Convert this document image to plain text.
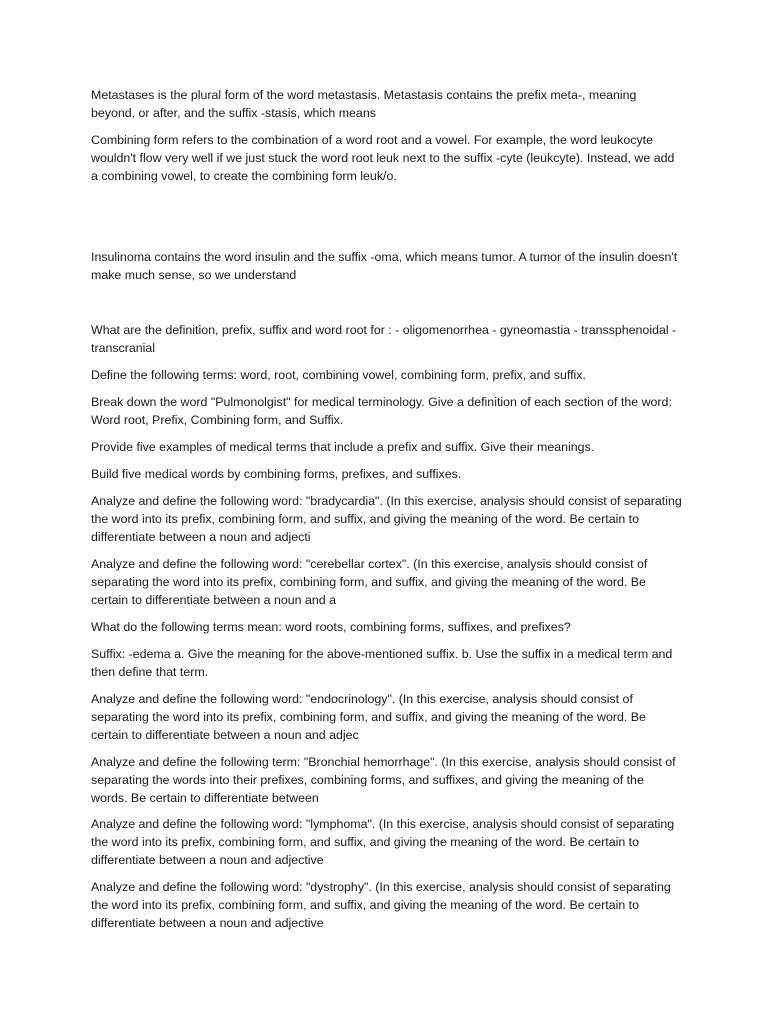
Metastases is the plural form of the word metastasis. Metastasis contains the prefix meta-, meaning beyond, or after, and the suffix -stasis, which means

Combining form refers to the combination of a word root and a vowel. For example, the word leukocyte wouldn't flow very well if we just stuck the word root leuk next to the suffix -cyte (leukcyte). Instead, we add a combining vowel, to create the combining form leuk/o.

Insulinoma contains the word insulin and the suffix -oma, which means tumor. A tumor of the insulin doesn't make much sense, so we understand

What are the definition, prefix, suffix and word root for : - oligomenorrhea - gyneomastia - transsphenoidal - transcranial

Define the following terms: word, root, combining vowel, combining form, prefix, and suffix.

Break down the word "Pulmonolgist" for medical terminology. Give a definition of each section of the word: Word root, Prefix, Combining form, and Suffix.

Provide five examples of medical terms that include a prefix and suffix. Give their meanings.

Build five medical words by combining forms, prefixes, and suffixes.

Analyze and define the following word: "bradycardia". (In this exercise, analysis should consist of separating the word into its prefix, combining form, and suffix, and giving the meaning of the word. Be certain to differentiate between a noun and adjecti

Analyze and define the following word: "cerebellar cortex". (In this exercise, analysis should consist of separating the word into its prefix, combining form, and suffix, and giving the meaning of the word. Be certain to differentiate between a noun and a

What do the following terms mean: word roots, combining forms, suffixes, and prefixes?

Suffix: -edema a. Give the meaning for the above-mentioned suffix. b. Use the suffix in a medical term and then define that term.

Analyze and define the following word: "endocrinology". (In this exercise, analysis should consist of separating the word into its prefix, combining form, and suffix, and giving the meaning of the word. Be certain to differentiate between a noun and adjec

Analyze and define the following term: "Bronchial hemorrhage". (In this exercise, analysis should consist of separating the words into their prefixes, combining forms, and suffixes, and giving the meaning of the words. Be certain to differentiate between

Analyze and define the following word: "lymphoma". (In this exercise, analysis should consist of separating the word into its prefix, combining form, and suffix, and giving the meaning of the word. Be certain to differentiate between a noun and adjective

Analyze and define the following word: "dystrophy". (In this exercise, analysis should consist of separating the word into its prefix, combining form, and suffix, and giving the meaning of the word. Be certain to differentiate between a noun and adjective
